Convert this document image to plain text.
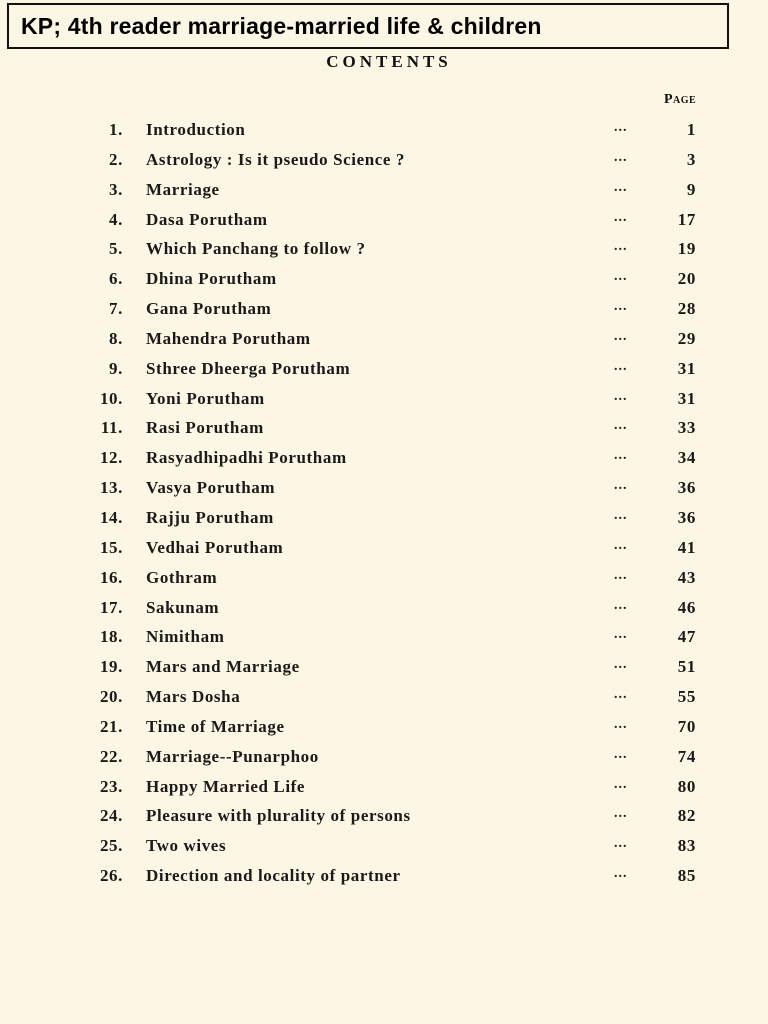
KP; 4th reader marriage-married life & children
CONTENTS
Page
1. Introduction	...	1
2. Astrology : Is it pseudo Science ?	...	3
3. Marriage	...	9
4. Dasa Porutham	...	17
5. Which Panchang to follow ?	...	19
6. Dhina Porutham	...	20
7. Gana Porutham	...	28
8. Mahendra Porutham	...	29
9. Sthree Dheerga Porutham	...	31
10. Yoni Porutham	...	31
11. Rasi Porutham	...	33
12. Rasyadhipadhi Porutham	...	34
13. Vasya Porutham	...	36
14. Rajju Porutham	...	36
15. Vedhai Porutham	...	41
16. Gothram	...	43
17. Sakunam	...	46
18. Nimitham	...	47
19. Mars and Marriage	...	51
20. Mars Dosha	...	55
21. Time of Marriage	...	70
22. Marriage--Punarphoo	...	74
23. Happy Married Life	...	80
24. Pleasure with plurality of persons	...	82
25. Two wives	...	83
26. Direction and locality of partner	...	85
